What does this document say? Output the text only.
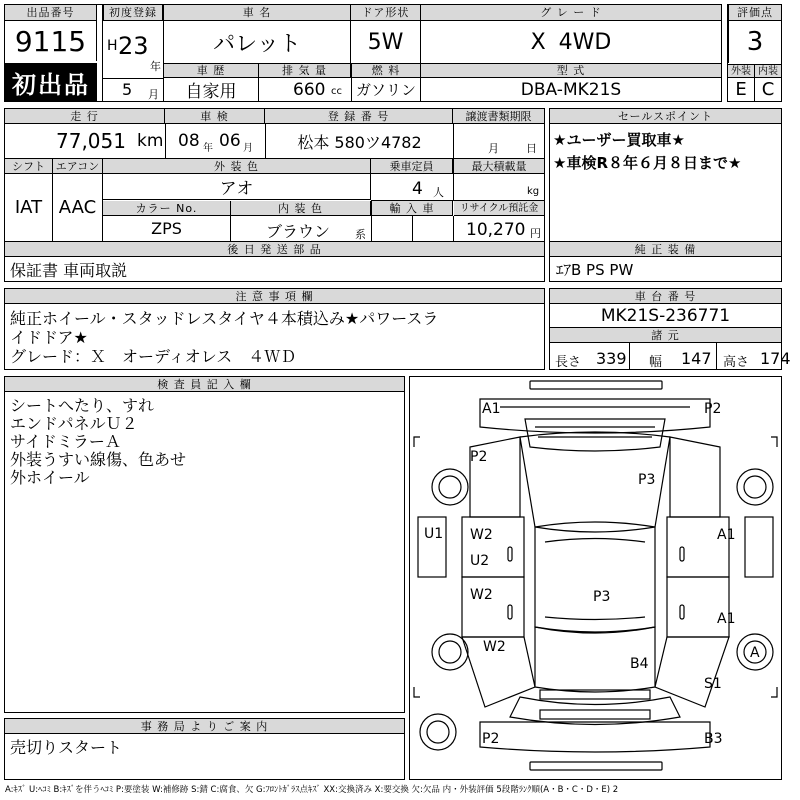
出品番号
9115
初出品
初度登録
H 23
年
5 月
車 名
パレット
ドア形状
5W
グ レ ー ド
X 4WD
評価点
3
車 歴
自家用
排 気 量
660 cc
燃 料
ガソリン
型 式
DBA-MK21S
外装
E
内装
C
走 行	車 検	登 録 番 号	譲渡書類期限
77,051 km 08 年 06 月	松本 580ツ4782	月 日
シフト
IAT
エアコン
AAC
外 装 色
アオ
乗車定員
4 人
最大積載量
kg
カラー No.
ZPS
内 装 色
ブラウン 系
輸 入 車	リサイクル預託金
10,270 円
セールスポイント
★ユーザー買取車★
★車検R８年６月８日まで★
後 日 発 送 部 品
保証書 車両取説
純 正 装 備
ｴｱB PS PW
注 意 事 項 欄
純正ホイール・スタッドレスタイヤ４本積込み★パワースラ
イドドア★
グレード：Ｘ　オーディオレス　４ＷＤ
車 台 番 号
MK21S-236771
諸 元
長さ 339 幅 147 高さ 174
検 査 員 記 入 欄
シートへたり、すれ
エンドパネルＵ２
サイドミラーＡ
外装うすい線傷、色あせ
外ホイール
事 務 局 よ り ご 案 内
売切りスタート
A1	P2
P2
P3
U1 W2
U2
A1
W2	P3
A1
W2
B4
A
S1
P2	B3
A:ｷｽﾞ U:ﾍｺﾐ B:ｷｽﾞを伴うﾍｺﾐ P:要塗装 W:補修跡 S:錆 C:腐食、欠 G:ﾌﾛﾝﾄｶﾞﾗｽ点ｷｽﾞ XX:交換済み X:要交換 欠:欠品 内・外装評価 5段階ﾗﾝｸ順(A・B・C・D・E) 2
